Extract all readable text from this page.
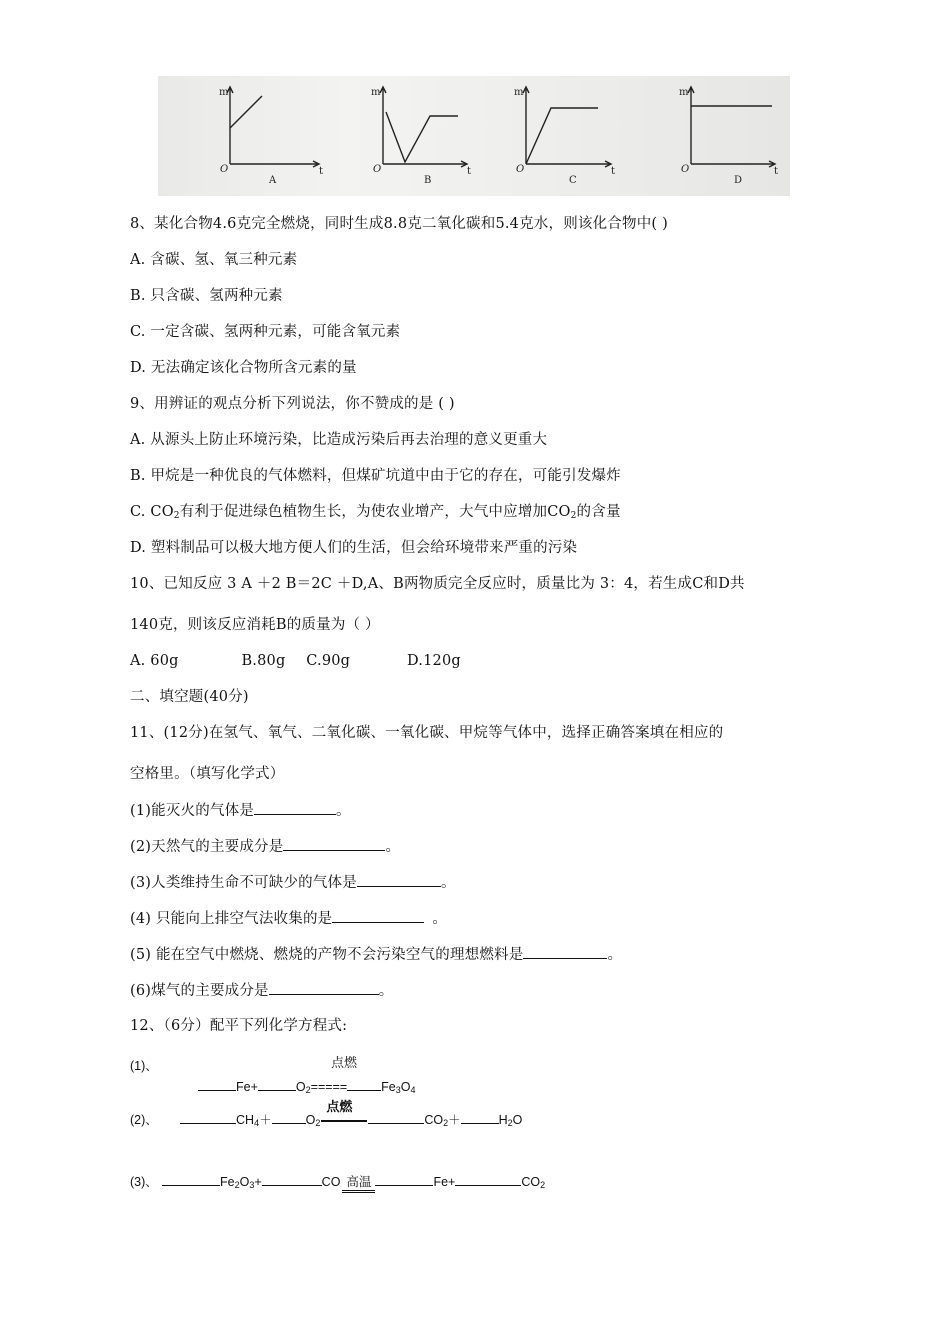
m
t
O
A
m
t
O
B
m
t
O
C
m
t
O
D
8、某化合物4.6克完全燃烧，同时生成8.8克二氧化碳和5.4克水，则该化合物中( )
A. 含碳、氢、氧三种元素
B. 只含碳、氢两种元素
C. 一定含碳、氢两种元素，可能含氧元素
D. 无法确定该化合物所含元素的量
9、用辨证的观点分析下列说法，你不赞成的是 ( )
A. 从源头上防止环境污染，比造成污染后再去治理的意义更重大
B. 甲烷是一种优良的气体燃料，但煤矿坑道中由于它的存在，可能引发爆炸
C. $CO_2$有利于促进绿色植物生长，为使农业增产，大气中应增加$CO_2$的含量
D. 塑料制品可以极大地方便人们的生活，但会给环境带来严重的污染
10、已知反应 3 A ＋2 B＝2C ＋D,A、B两物质完全反应时，质量比为 3：4，若生成C和D共
140克，则该反应消耗B的质量为（ ）
A. 60g	B.80g C.90g	D.120g
二、填空题(40分)
11、(12分)在氢气、氧气、二氧化碳、一氧化碳、甲烷等气体中，选择正确答案填在相应的
空格里。（填写化学式）
(1)能灭火的气体是	。
(2)天然气的主要成分是	。
(3)人类维持生命不可缺少的气体是	。
(4) 只能向上排空气法收集的是	。
(5) 能在空气中燃烧、燃烧的产物不会污染空气的理想燃料是	。
(6)煤气的主要成分是	。
12、（6分）配平下列化学方程式:
(1)、	点燃
Fe+	$O_2=====$	$Fe_3O_4$
(2)、	$CH_4+$	$O_2$
点燃
$CO_2+$	$H_2O$
(3)、	$Fe_2O_3+$	CO 高温	Fe+	$CO_2$
